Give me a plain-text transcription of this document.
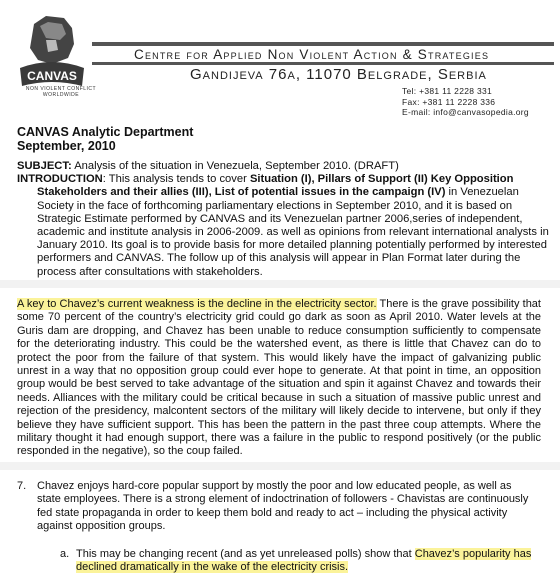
CANVAS
NON VIOLENT CONFLICT WORLDWIDE
Centre for Applied Non Violent Action & Strategies
Gandijeva 76a, 11070 Belgrade, Serbia
Tel: +381 11 2228 331
Fax: +381 11 2228 336
E-mail: info@canvasopedia.org
CANVAS Analytic Department
September, 2010
SUBJECT: Analysis of the situation in Venezuela, September 2010. (DRAFT)
INTRODUCTION: This analysis tends to cover Situation (I), Pillars of Support (II) Key Opposition
Stakeholders and their allies (III), List of potential issues in the campaign (IV) in Venezuelan
Society in the face of forthcoming parliamentary elections in September 2010, and it is based on
Strategic Estimate performed by CANVAS and its Venezuelan partner 2006,series of independent,
academic and institute analysis in 2006-2009. as well as opinions from relevant international analysts in
January 2010. Its goal is to provide basis for more detailed planning potentially performed by interested
performers and CANVAS. The follow up of this analysis will appear in Plan Format later during the
process after consultations with stakeholders.
A key to Chavez’s current weakness is the decline in the electricity sector. There is the grave possibility that some 70 percent of the country’s electricity grid could go dark as soon as April 2010. Water levels at the Guris dam are dropping, and Chavez has been unable to reduce consumption sufficiently to compensate for the deteriorating industry. This could be the watershed event, as there is little that Chavez can do to protect the poor from the failure of that system. This would likely have the impact of galvanizing public unrest in a way that no opposition group could ever hope to generate. At that point in time, an opposition group would be best served to take advantage of the situation and spin it against Chavez and towards their needs. Alliances with the military could be critical because in such a situation of massive public unrest and rejection of the presidency, malcontent sectors of the military will likely decide to intervene, but only if they believe they have sufficient support. This has been the pattern in the past three coup attempts. Where the military thought it had enough support, there was a failure in the public to respond positively (or the public responded in the negative), so the coup failed.
7. Chavez enjoys hard-core popular support by mostly the poor and low educated people, as well as state employees. There is a strong element of indoctrination of followers - Chavistas are continuously fed state propaganda in order to keep them bold and ready to act – including the physical activity against opposition groups.
a. This may be changing recent (and as yet unreleased polls) show that Chavez’s popularity has declined dramatically in the wake of the electricity crisis.
